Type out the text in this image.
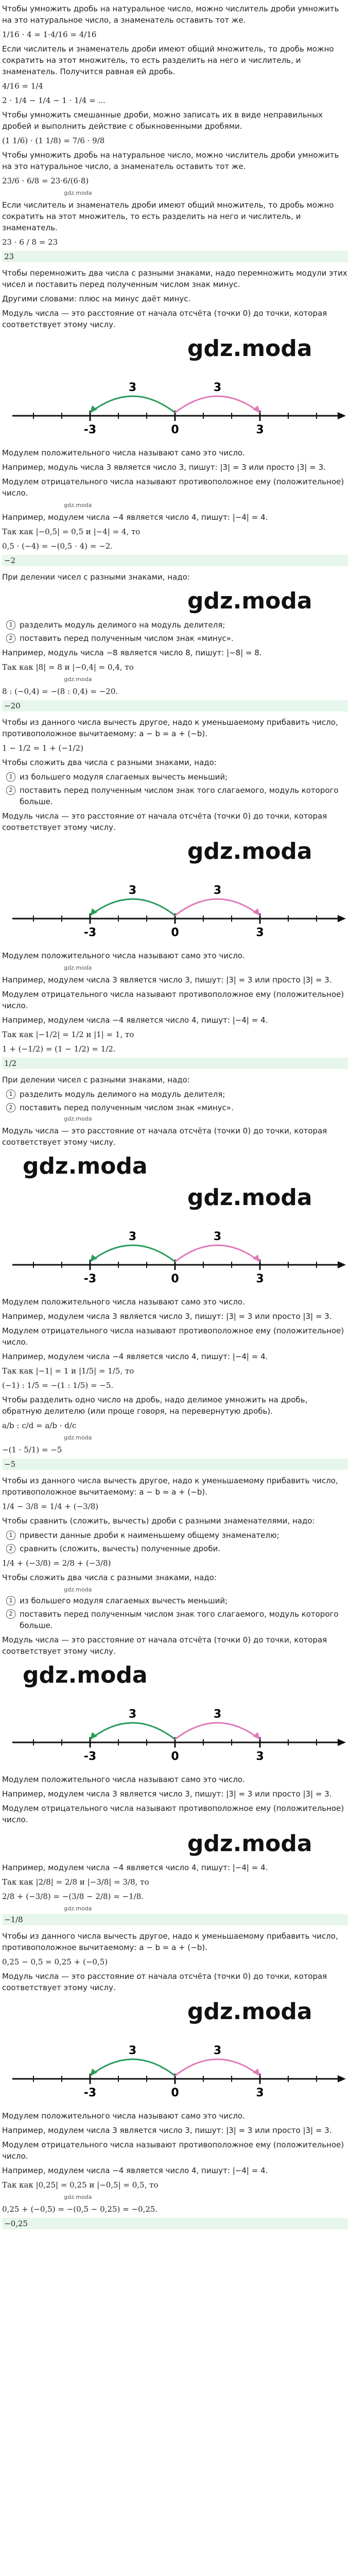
Чтобы умножить дробь на натуральное число, можно числитель дроби умножить на это натуральное число, а знаменатель оставить тот же.
1/16 · 4 = 1·4/16 = 4/16
Если числитель и знаменатель дроби имеют общий множитель, то дробь можно сократить на этот множитель, то есть разделить на него и числитель, и знаменатель. Получится равная ей дробь.
4/16 = 1/4
2 · 1/4 − 1/4 − 1 · 1/4 = ...
Чтобы умножить смешанные дроби, можно записать их в виде неправильных дробей и выполнить действие с обыкновенными дробями.
(1 1/6) · (1 1/8) = 7/6 · 9/8
Чтобы умножить дробь на натуральное число, можно числитель дроби умножить на это натуральное число, а знаменатель оставить тот же.
23/6 · 6/8 = 23·6/(6·8)
gdz.moda
Если числитель и знаменатель дроби имеют общий множитель, то дробь можно сократить на этот множитель, то есть разделить на него и числитель, и знаменатель.
23 · 6 / 8 = 23
23
Чтобы перемножить два числа с разными знаками, надо перемножить модули этих чисел и поставить перед полученным числом знак минус.
Другими словами: плюс на минус даёт минус.
Модуль числа — это расстояние от начала отсчёта (точки 0) до точки, которая соответствует этому числу.
gdz.moda
-3	0	3
3	3
Модулем положительного числа называют само это число.
Например, модуль числа 3 является число 3, пишут: |3| = 3 или просто |3| = 3.
Модулем отрицательного числа называют противоположное ему (положительное) число.
gdz.moda
Например, модулем числа −4 является число 4, пишут: |−4| = 4.
Так как |−0,5| = 0,5 и |−4| = 4, то
0,5 · (−4) = −(0,5 · 4) = −2.
−2
При делении чисел с разными знаками, надо:
gdz.moda
1 разделить модуль делимого на модуль делителя;
2 поставить перед полученным числом знак «минус».
Например, модуль числа −8 является число 8, пишут: |−8| = 8.
Так как |8| = 8 и |−0,4| = 0,4, то
gdz.moda
8 : (−0,4) = −(8 : 0,4) = −20.
−20
Чтобы из данного числа вычесть другое, надо к уменьшаемому прибавить число, противоположное вычитаемому: a − b = a + (−b).
1 − 1/2 = 1 + (−1/2)
Чтобы сложить два числа с разными знаками, надо:
1 из большего модуля слагаемых вычесть меньший;
2 поставить перед полученным числом знак того слагаемого, модуль которого больше.
Модуль числа — это расстояние от начала отсчёта (точки 0) до точки, которая соответствует этому числу.
gdz.moda
-3	0	3
3	3
Модулем положительного числа называют само это число.
gdz.moda
Например, модулем числа 3 является число 3, пишут: |3| = 3 или просто |3| = 3.
Модулем отрицательного числа называют противоположное ему (положительное) число.
Например, модулем числа −4 является число 4, пишут: |−4| = 4.
Так как |−1/2| = 1/2 и |1| = 1, то
1 + (−1/2) = (1 − 1/2) = 1/2.
1/2
При делении чисел с разными знаками, надо:
1 разделить модуль делимого на модуль делителя;
2 поставить перед полученным числом знак «минус».
gdz.moda
Модуль числа — это расстояние от начала отсчёта (точки 0) до точки, которая соответствует этому числу.
gdz.moda
gdz.moda
-3	0	3
3	3
Модулем положительного числа называют само это число.
Например, модулем числа 3 является число 3, пишут: |3| = 3 или просто |3| = 3.
Модулем отрицательного числа называют противоположное ему (положительное) число.
Например, модулем числа −4 является число 4, пишут: |−4| = 4.
Так как |−1| = 1 и |1/5| = 1/5, то
(−1) : 1/5 = −(1 : 1/5) = −5.
Чтобы разделить одно число на дробь, надо делимое умножить на дробь, обратную делителю (или проще говоря, на перевернутую дробь).
a/b : c/d = a/b · d/c
gdz.moda
−(1 · 5/1) = −5
−5
Чтобы из данного числа вычесть другое, надо к уменьшаемому прибавить число, противоположное вычитаемому: a − b = a + (−b).
1/4 − 3/8 = 1/4 + (−3/8)
Чтобы сравнить (сложить, вычесть) дроби с разными знаменателями, надо:
1 привести данные дроби к наименьшему общему знаменателю;
2 сравнить (сложить, вычесть) полученные дроби.
1/4 + (−3/8) = 2/8 + (−3/8)
Чтобы сложить два числа с разными знаками, надо:
gdz.moda
1 из большего модуля слагаемых вычесть меньший;
2 поставить перед полученным числом знак того слагаемого, модуль которого больше.
Модуль числа — это расстояние от начала отсчёта (точки 0) до точки, которая соответствует этому числу.
gdz.moda
-3	0	3
3	3
Модулем положительного числа называют само это число.
Например, модулем числа 3 является число 3, пишут: |3| = 3 или просто |3| = 3.
Модулем отрицательного числа называют противоположное ему (положительное) число.
gdz.moda
Например, модулем числа −4 является число 4, пишут: |−4| = 4.
Так как |2/8| = 2/8 и |−3/8| = 3/8, то
2/8 + (−3/8) = −(3/8 − 2/8) = −1/8.
gdz.moda
−1/8
Чтобы из данного числа вычесть другое, надо к уменьшаемому прибавить число, противоположное вычитаемому: a − b = a + (−b).
0,25 − 0,5 = 0,25 + (−0,5)
Модуль числа — это расстояние от начала отсчёта (точки 0) до точки, которая соответствует этому числу.
gdz.moda
-3	0	3
3	3
Модулем положительного числа называют само это число.
Например, модулем числа 3 является число 3, пишут: |3| = 3 или просто |3| = 3.
Модулем отрицательного числа называют противоположное ему (положительное) число.
Например, модулем числа −4 является число 4, пишут: |−4| = 4.
Так как |0,25| = 0,25 и |−0,5| = 0,5, то
gdz.moda
0,25 + (−0,5) = −(0,5 − 0,25) = −0,25.
−0,25
